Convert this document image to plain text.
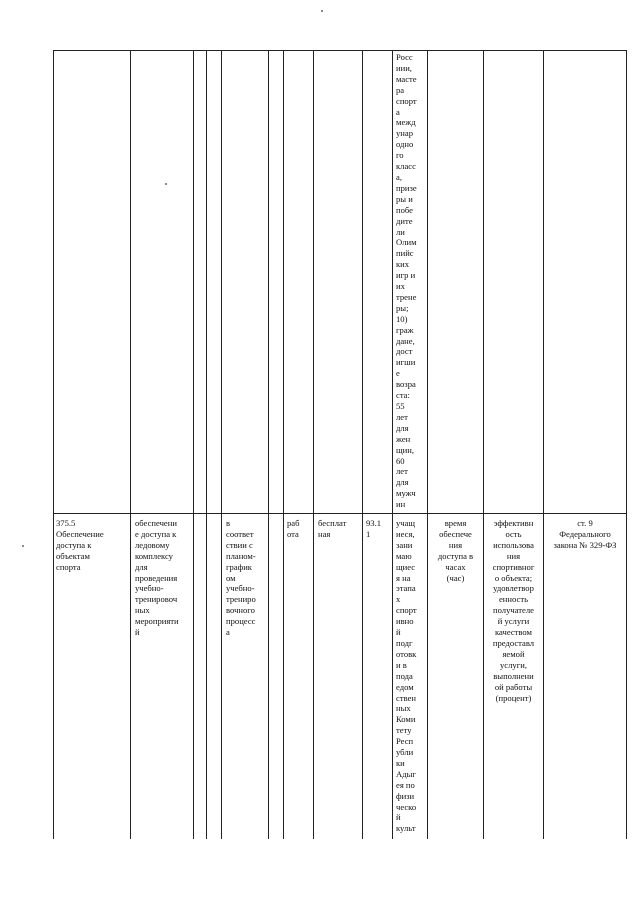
Росс
иии,
масте
ра
спорт
а
межд
унар
одно
го
класс
а,
призе
ры и
побе
дите
ли
Олим
пийс
ких
игр и
их
трене
ры;
10)
граж
дане,
дост
игши
е
возра
ста:
55
лет
для
жен
щин,
60
лет
для
мужч
ин
375.5
Обеспечение
доступа к
объектам
спорта
обеспечени
е доступа к
ледовому
комплексу
для
проведения
учебно-
тренировоч
ных
мероприяти
й
в
соответ
ствии с
планом-
график
ом
учебно-
трениро
вочного
процесс
а
раб
ота
бесплат
ная
93.1
1
учащ
иеся,
зани
маю
щиес
я на
этапа
х
спорт
ивно
й
подг
отовк
и в
пода
едом
ствен
ных
Коми
тету
Респ
убли
ки
Адыг
ея по
физи
ческо
й
культ
время
обеспече
ния
доступа в
часах
(час)
эффективн
ость
использова
ния
спортивног
о объекта;
удовлетвор
енность
получателе
й услуги
качеством
предоставл
яемой
услуги,
выполнени
ой работы
(процент)
ст. 9
Федерального
закона № 329-ФЗ
